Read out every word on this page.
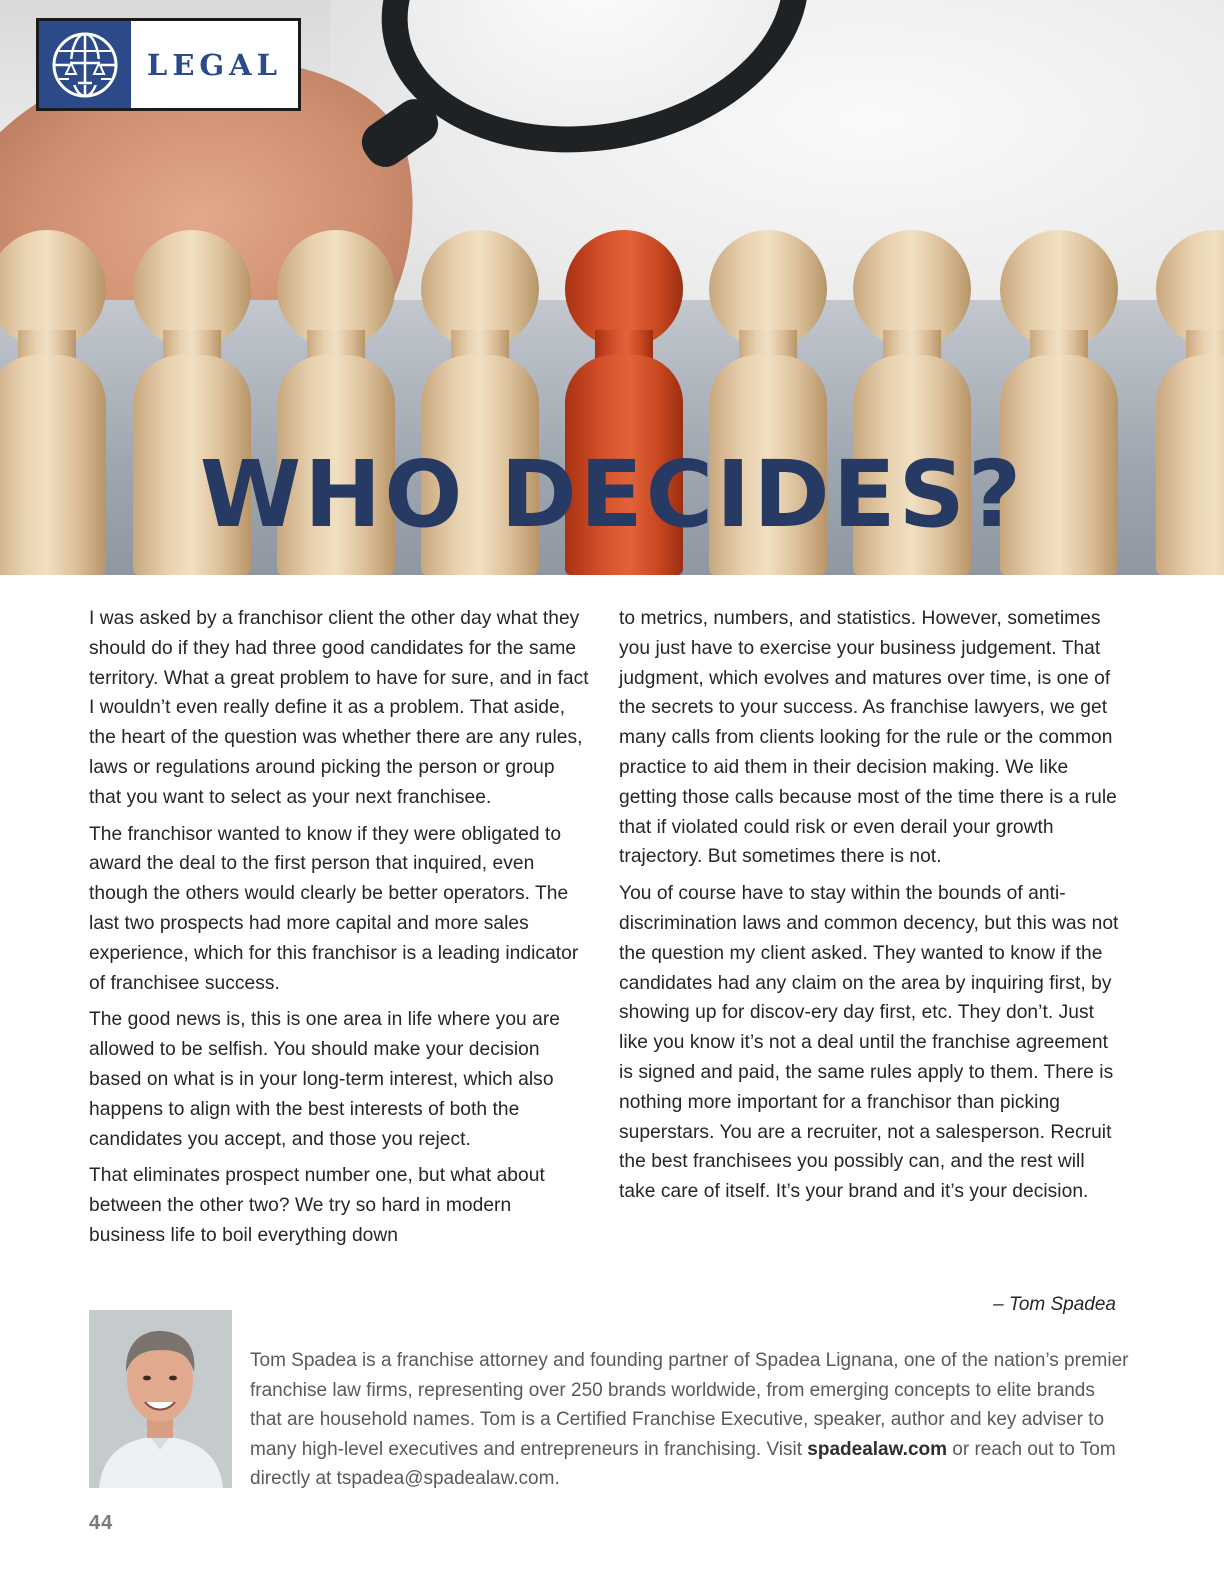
WHO DECIDES?
LEGAL

I was asked by a franchisor client the other day what they should do if they had three good candidates for the same territory. What a great problem to have for sure, and in fact I wouldn’t even really define it as a problem. That aside, the heart of the question was whether there are any rules, laws or regulations around picking the person or group that you want to select as your next franchisee.

The franchisor wanted to know if they were obligated to award the deal to the first person that inquired, even though the others would clearly be better operators. The last two prospects had more capital and more sales experience, which for this franchisor is a leading indicator of franchisee success.

The good news is, this is one area in life where you are allowed to be selfish. You should make your decision based on what is in your long-term interest, which also happens to align with the best interests of both the candidates you accept, and those you reject.

That eliminates prospect number one, but what about between the other two? We try so hard in modern business life to boil everything down

to metrics, numbers, and statistics. However, sometimes you just have to exercise your business judgement. That judgment, which evolves and matures over time, is one of the secrets to your success. As franchise lawyers, we get many calls from clients looking for the rule or the common practice to aid them in their decision making. We like getting those calls because most of the time there is a rule that if violated could risk or even derail your growth trajectory. But sometimes there is not.

You of course have to stay within the bounds of anti-discrimination laws and common decency, but this was not the question my client asked. They wanted to know if the candidates had any claim on the area by inquiring first, by showing up for discov-ery day first, etc. They don’t. Just like you know it’s not a deal until the franchise agreement is signed and paid, the same rules apply to them. There is nothing more important for a franchisor than picking superstars. You are a recruiter, not a salesperson. Recruit the best franchisees you possibly can, and the rest will take care of itself. It’s your brand and it’s your decision.

– Tom Spadea
Tom Spadea is a franchise attorney and founding partner of Spadea Lignana, one of the nation’s premier franchise law firms, representing over 250 brands worldwide, from emerging concepts to elite brands that are household names. Tom is a Certified Franchise Executive, speaker, author and key adviser to many high-level executives and entrepreneurs in franchising. Visit spadealaw.com or reach out to Tom directly at tspadea@spadealaw.com.
44
